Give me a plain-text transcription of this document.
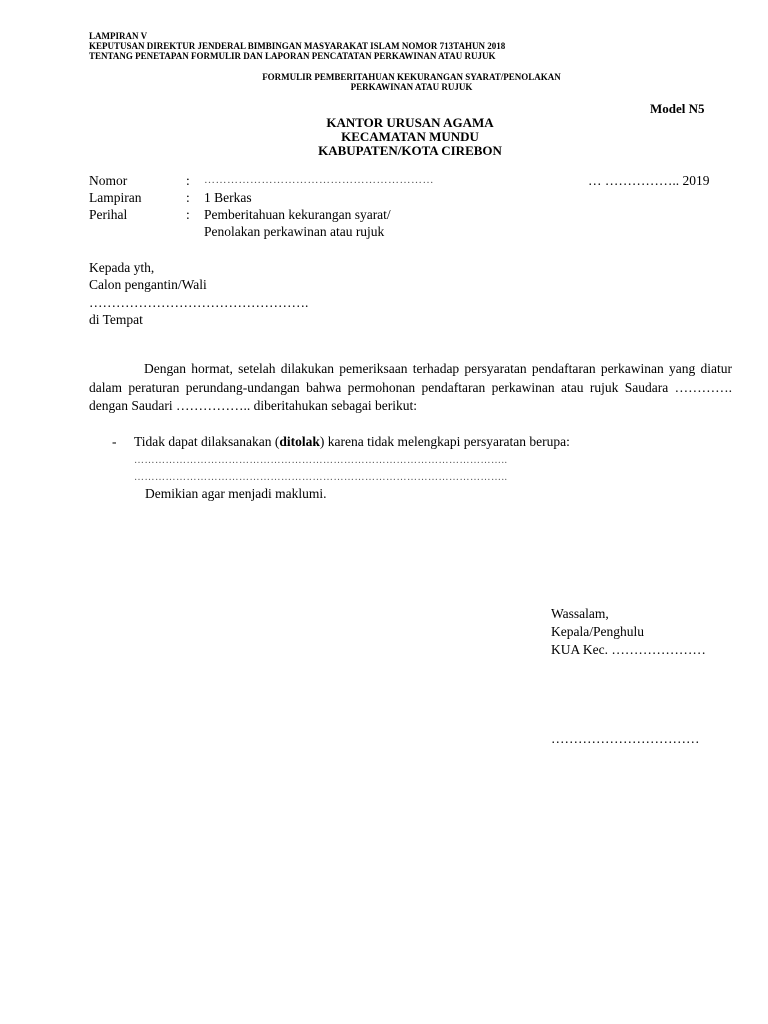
LAMPIRAN V
KEPUTUSAN DIREKTUR JENDERAL BIMBINGAN MASYARAKAT ISLAM NOMOR 713TAHUN 2018
TENTANG PENETAPAN FORMULIR DAN LAPORAN PENCATATAN PERKAWINAN ATAU RUJUK
FORMULIR PEMBERITAHUAN KEKURANGAN SYARAT/PENOLAKAN
PERKAWINAN ATAU RUJUK
Model N5
KANTOR URUSAN AGAMA
KECAMATAN MUNDU
KABUPATEN/KOTA CIREBON
Nomor	: ……………………………………………………	… …………….. 2019
Lampiran	: 1 Berkas
Perihal	: Pemberitahuan kekurangan syarat/
Penolakan perkawinan atau rujuk
Kepada yth,
Calon pengantin/Wali
………………………………………….
di Tempat
Dengan hormat, setelah dilakukan pemeriksaan terhadap persyaratan pendaftaran perkawinan yang diatur dalam peraturan perundang-undangan bahwa permohonan pendaftaran perkawinan atau rujuk Saudara …………. dengan Saudari …………….. diberitahukan sebagai berikut:
- Tidak dapat dilaksanakan (ditolak) karena tidak melengkapi persyaratan berupa:
……………………………………………………………………………………………..
……………………………………………………………………………………………..
Demikian agar menjadi maklumi.
Wassalam,
Kepala/Penghulu
KUA Kec. …………………
……………………………
